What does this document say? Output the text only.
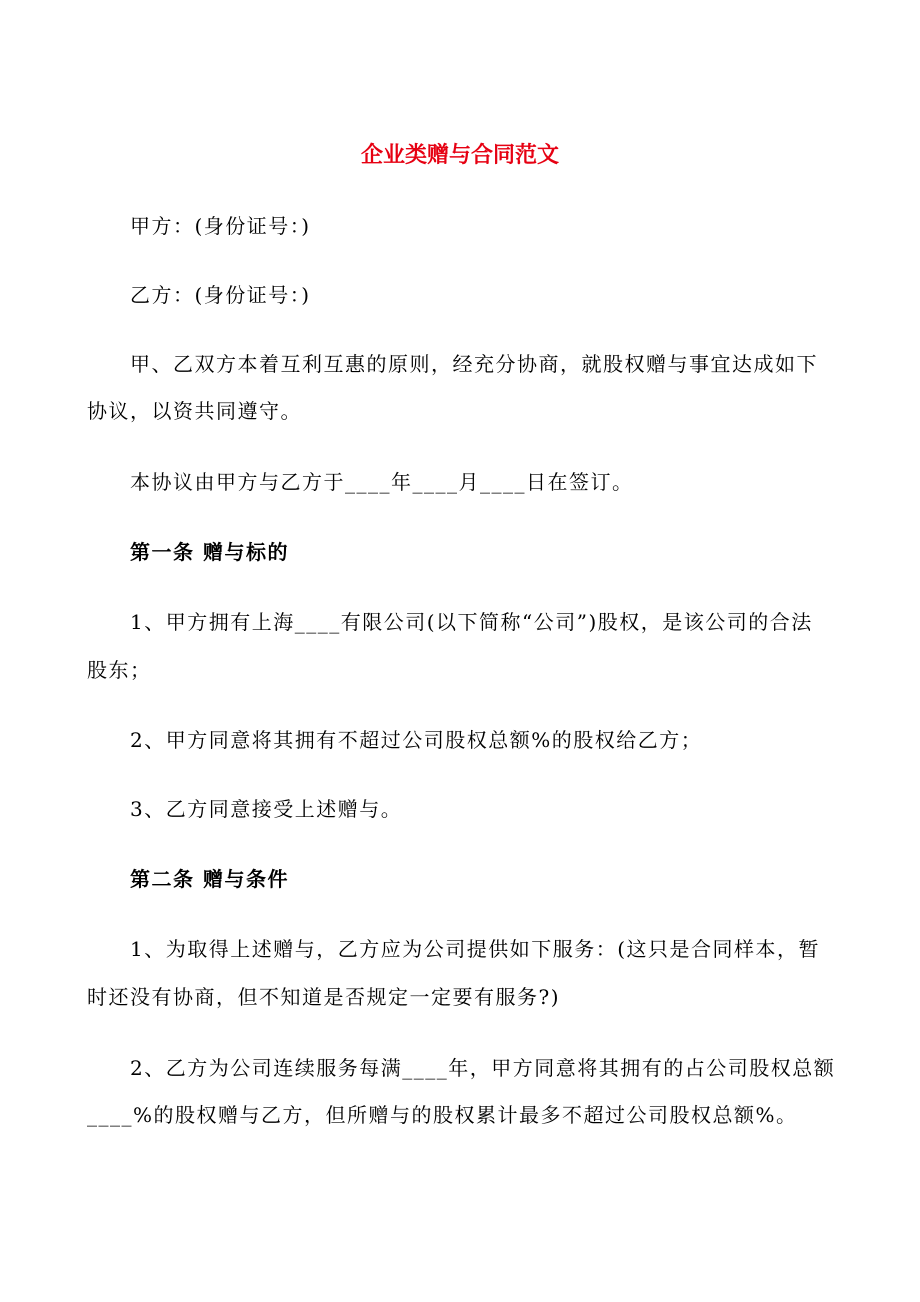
企业类赠与合同范文
甲方：(身份证号：)
乙方：(身份证号：)
甲、乙双方本着互利互惠的原则，经充分协商，就股权赠与事宜达成如下
协议，以资共同遵守。
本协议由甲方与乙方于____年____月____日在签订。
第一条 赠与标的
1、甲方拥有上海____有限公司(以下简称“公司”)股权，是该公司的合法
股东；
2、甲方同意将其拥有不超过公司股权总额%的股权给乙方；
3、乙方同意接受上述赠与。
第二条 赠与条件
1、为取得上述赠与，乙方应为公司提供如下服务：(这只是合同样本，暂
时还没有协商，但不知道是否规定一定要有服务?)
2、乙方为公司连续服务每满____年，甲方同意将其拥有的占公司股权总额
____%的股权赠与乙方，但所赠与的股权累计最多不超过公司股权总额%。
